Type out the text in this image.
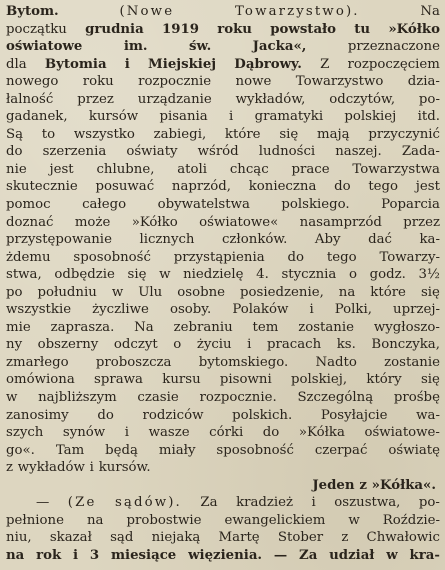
Bytom.	(Nowe	Towarzystwo).	Na
początku grudnia 1919 roku powstało tu »Kółko
oświatowe	im.	św.	Jacka«,	przeznaczone
dla Bytomia i Miejskiej Dąbrowy. Z rozpoczęciem
nowego roku rozpocznie nowe Towarzystwo dzia-
łalność przez urządzanie wykładów, odczytów, po-
gadanek, kursów pisania i gramatyki polskiej itd.
Są to wszystko zabiegi, które się mają przyczynić
do szerzenia oświaty wśród ludności naszej. Zada-
nie jest chlubne, atoli chcąc prace Towarzystwa
skutecznie posuwać naprzód, konieczna do tego jest
pomoc całego obywatelstwa polskiego. Poparcia
doznać może »Kółko oświatowe« nasamprzód przez
przystępowanie licznych członków. Aby dać ka-
żdemu sposobność przystąpienia do tego Towarzy-
stwa, odbędzie się w niedzielę 4. stycznia o godz. 3½
po południu w Ulu osobne posiedzenie, na które się
wszystkie życzliwe osoby. Polaków i Polki, uprzej-
mie zaprasza. Na zebraniu tem zostanie wygłoszo-
ny obszerny odczyt o życiu i pracach ks. Bonczyka,
zmarłego proboszcza bytomskiego. Nadto zostanie
omówiona sprawa kursu pisowni polskiej, który się
w najbliższym czasie rozpocznie. Szczególną prośbę
zanosimy do rodziców polskich. Posyłajcie wa-
szych synów i wasze córki do »Kółka oświatowe-
go«. Tam będą miały sposobność czerpać oświatę
z wykładów i kursów.
Jeden z »Kółka«.
— (Ze sądów). Za kradzież i oszustwa, po-
pełnione na probostwie ewangelickiem w Roździe-
niu, skazał sąd niejaką Martę Stober z Chwałowic
na rok i 3 miesiące więzienia. — Za udział w kra-
